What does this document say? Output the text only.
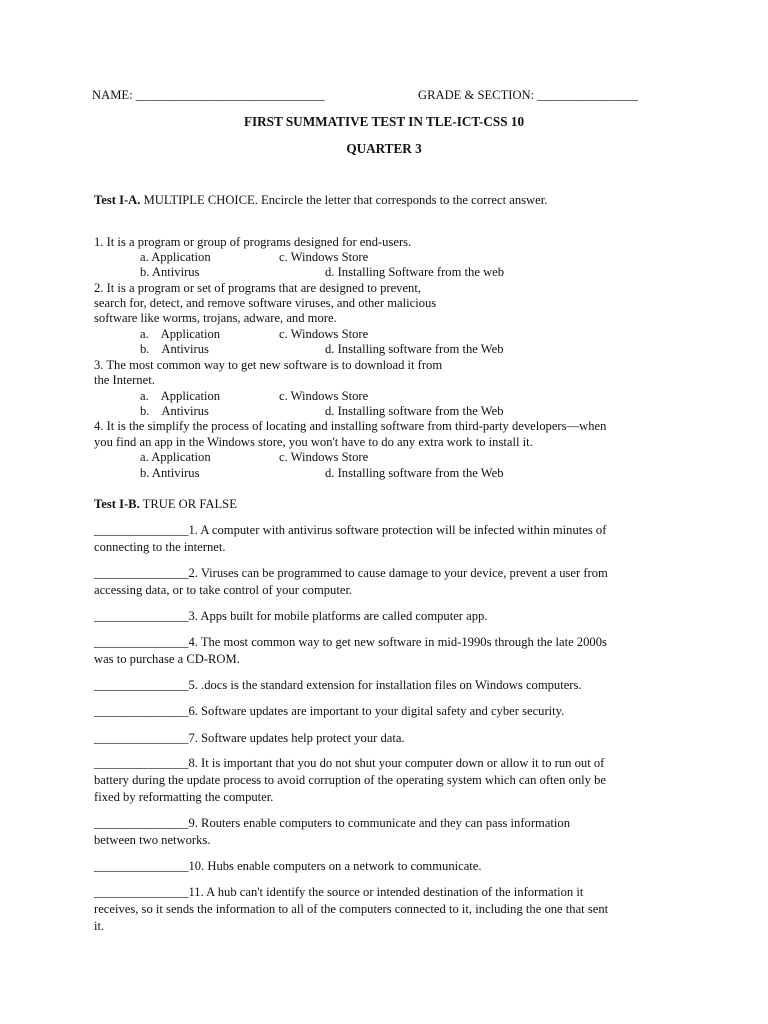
NAME: ______________________________	GRADE & SECTION: ________________
FIRST SUMMATIVE TEST IN TLE-ICT-CSS 10
QUARTER 3
Test I-A. MULTIPLE CHOICE. Encircle the letter that corresponds to the correct answer.
1. It is a program or group of programs designed for end-users.
a. Application	c. Windows Store
b. Antivirus	d. Installing Software from the web
2. It is a program or set of programs that are designed to prevent,
search for, detect, and remove software viruses, and other malicious
software like worms, trojans, adware, and more.
a.    Application	c. Windows Store
b.    Antivirus	d. Installing software from the Web
3. The most common way to get new software is to download it from
the Internet.
a.    Application	c. Windows Store
b.    Antivirus	d. Installing software from the Web
4. It is the simplify the process of locating and installing software from third-party developers—when
you find an app in the Windows store, you won't have to do any extra work to install it.
a. Application	c. Windows Store
b. Antivirus	d. Installing software from the Web
Test I-B. TRUE OR FALSE
_______________1. A computer with antivirus software protection will be infected within minutes of
connecting to the internet.
_______________2. Viruses can be programmed to cause damage to your device, prevent a user from
accessing data, or to take control of your computer.
_______________3. Apps built for mobile platforms are called computer app.
_______________4. The most common way to get new software in mid-1990s through the late 2000s
was to purchase a CD-ROM.
_______________5. .docs is the standard extension for installation files on Windows computers.
_______________6. Software updates are important to your digital safety and cyber security.
_______________7. Software updates help protect your data.
_______________8. It is important that you do not shut your computer down or allow it to run out of
battery during the update process to avoid corruption of the operating system which can often only be
fixed by reformatting the computer.
_______________9. Routers enable computers to communicate and they can pass information
between two networks.
_______________10. Hubs enable computers on a network to communicate.
_______________11. A hub can't identify the source or intended destination of the information it
receives, so it sends the information to all of the computers connected to it, including the one that sent
it.
